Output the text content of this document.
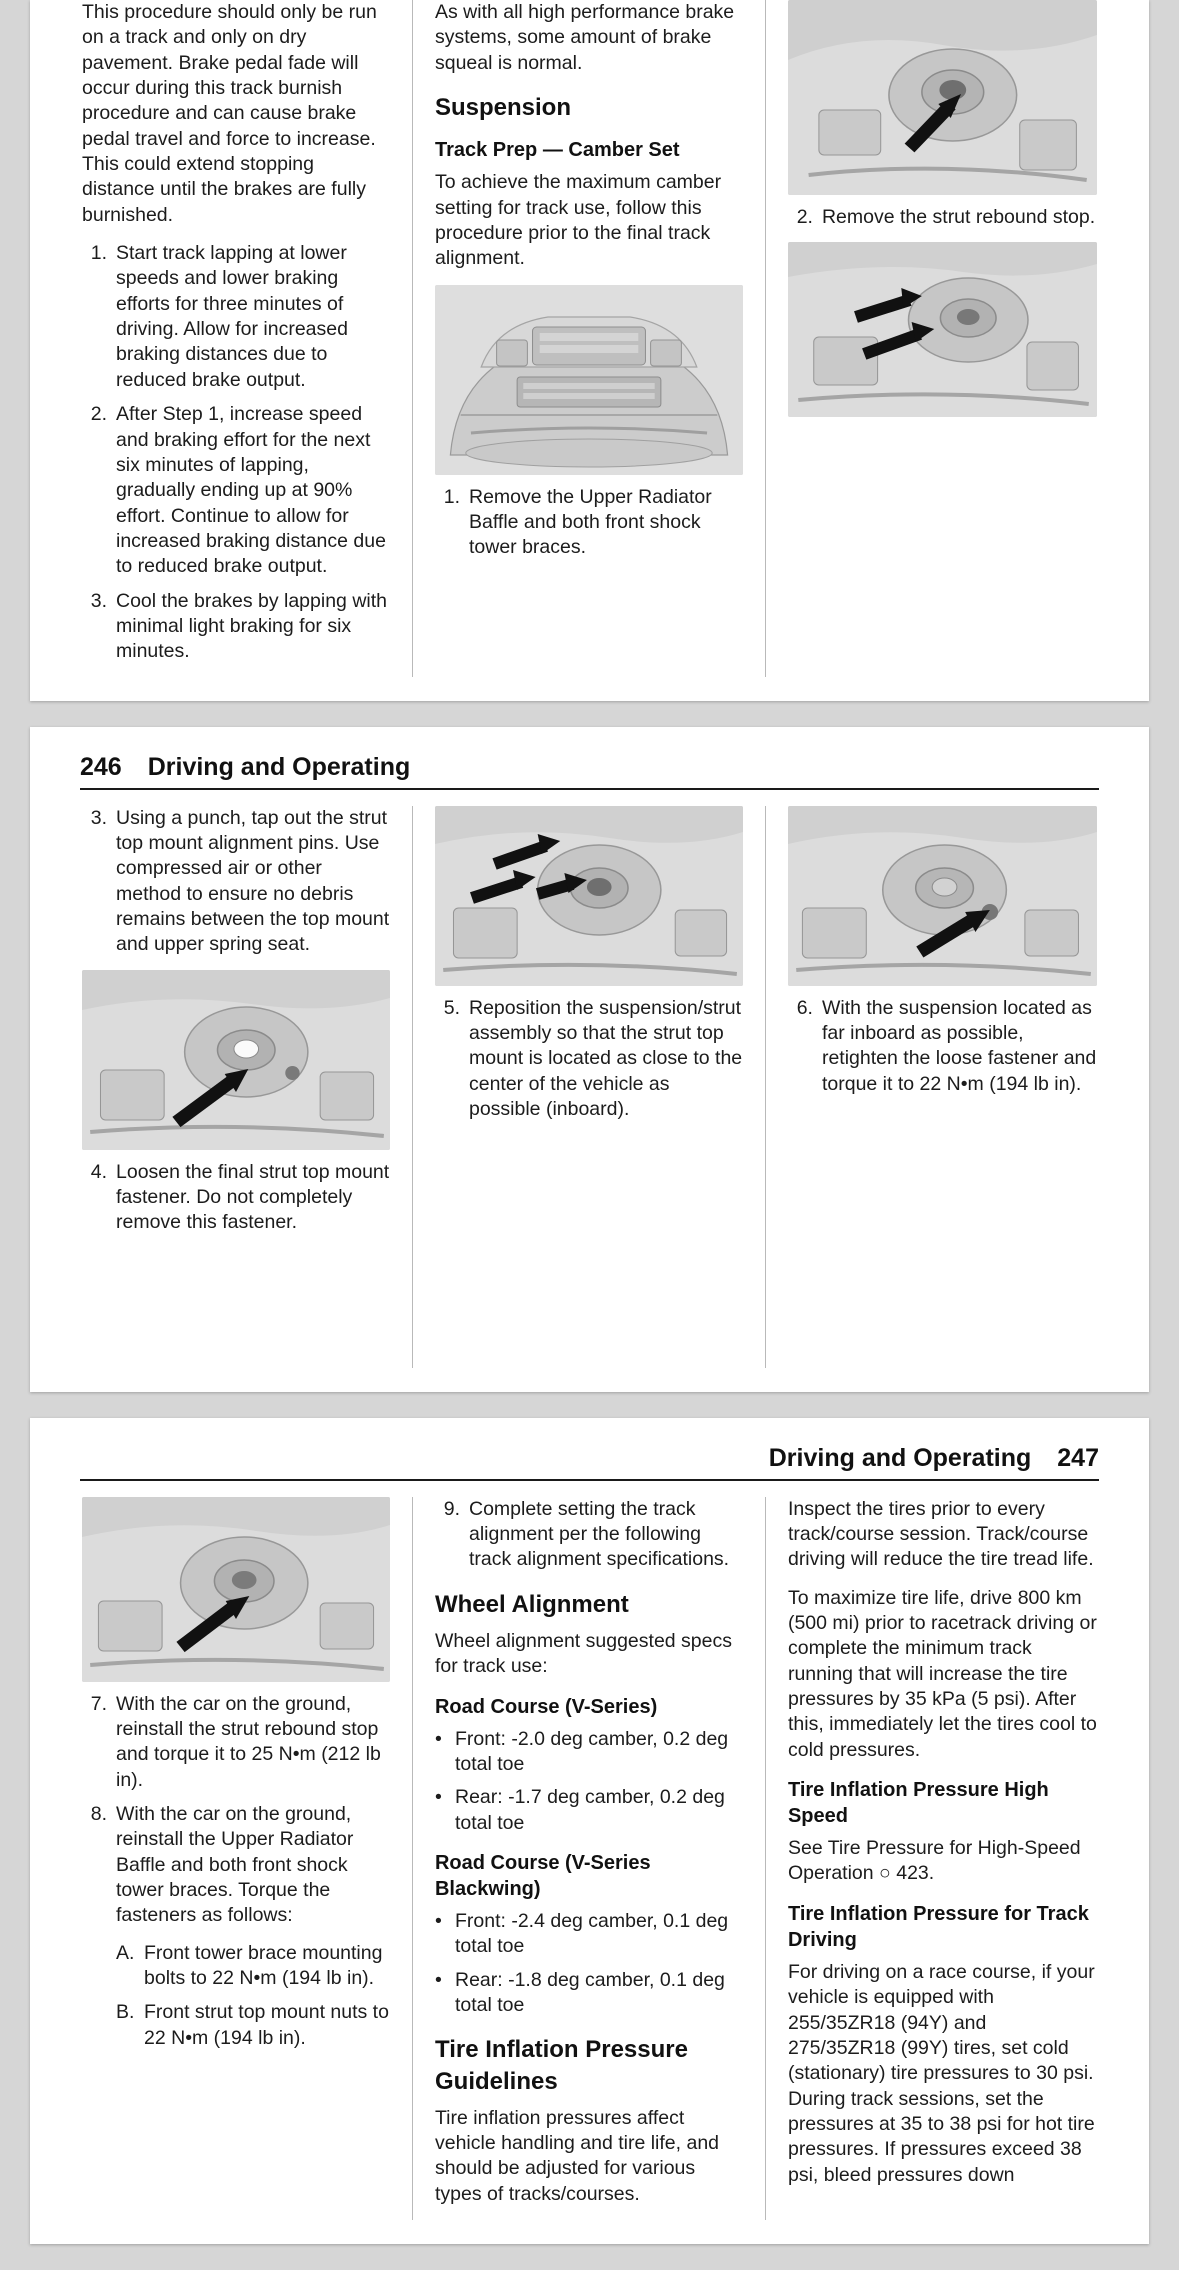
This procedure should only be run on a track and only on dry pavement. Brake pedal fade will occur during this track burnish procedure and can cause brake pedal travel and force to increase. This could extend stopping distance until the brakes are fully burnished.

1. Start track lapping at lower speeds and lower braking efforts for three minutes of driving. Allow for increased braking distances due to reduced brake output.
2. After Step 1, increase speed and braking effort for the next six minutes of lapping, gradually ending up at 90% effort. Continue to allow for increased braking distance due to reduced brake output.
3. Cool the brakes by lapping with minimal light braking for six minutes.

As with all high performance brake systems, some amount of brake squeal is normal.

Suspension
Track Prep — Camber Set

To achieve the maximum camber setting for track use, follow this procedure prior to the final track alignment.

1. Remove the Upper Radiator Baffle and both front shock tower braces.
2. Remove the strut rebound stop.
246 Driving and Operating
3. Using a punch, tap out the strut top mount alignment pins. Use compressed air or other method to ensure no debris remains between the top mount and upper spring seat.
4. Loosen the final strut top mount fastener. Do not completely remove this fastener.
5. Reposition the suspension/strut assembly so that the strut top mount is located as close to the center of the vehicle as possible (inboard).
6. With the suspension located as far inboard as possible, retighten the loose fastener and torque it to 22 N•m (194 lb in).
Driving and Operating 247
7. With the car on the ground, reinstall the strut rebound stop and torque it to 25 N•m (212 lb in).
8. With the car on the ground, reinstall the Upper Radiator Baffle and both front shock tower braces. Torque the fasteners as follows:
A. Front tower brace mounting bolts to 22 N•m (194 lb in).
B. Front strut top mount nuts to 22 N•m (194 lb in).
9. Complete setting the track alignment per the following track alignment specifications.
Wheel Alignment

Wheel alignment suggested specs for track use:

Road Course (V-Series)
• Front: -2.0 deg camber, 0.2 deg total toe
• Rear: -1.7 deg camber, 0.2 deg total toe
Road Course (V-Series Blackwing)
• Front: -2.4 deg camber, 0.1 deg total toe
• Rear: -1.8 deg camber, 0.1 deg total toe
Tire Inflation Pressure Guidelines

Tire inflation pressures affect vehicle handling and tire life, and should be adjusted for various types of tracks/courses.

Inspect the tires prior to every track/course session. Track/course driving will reduce the tire tread life.

To maximize tire life, drive 800 km (500 mi) prior to racetrack driving or complete the minimum track running that will increase the tire pressures by 35 kPa (5 psi). After this, immediately let the tires cool to cold pressures.

Tire Inflation Pressure High Speed

See Tire Pressure for High-Speed Operation ○ 423.

Tire Inflation Pressure for Track Driving

For driving on a race course, if your vehicle is equipped with 255/35ZR18 (94Y) and 275/35ZR18 (99Y) tires, set cold (stationary) tire pressures to 30 psi. During track sessions, set the pressures at 35 to 38 psi for hot tire pressures. If pressures exceed 38 psi, bleed pressures down
